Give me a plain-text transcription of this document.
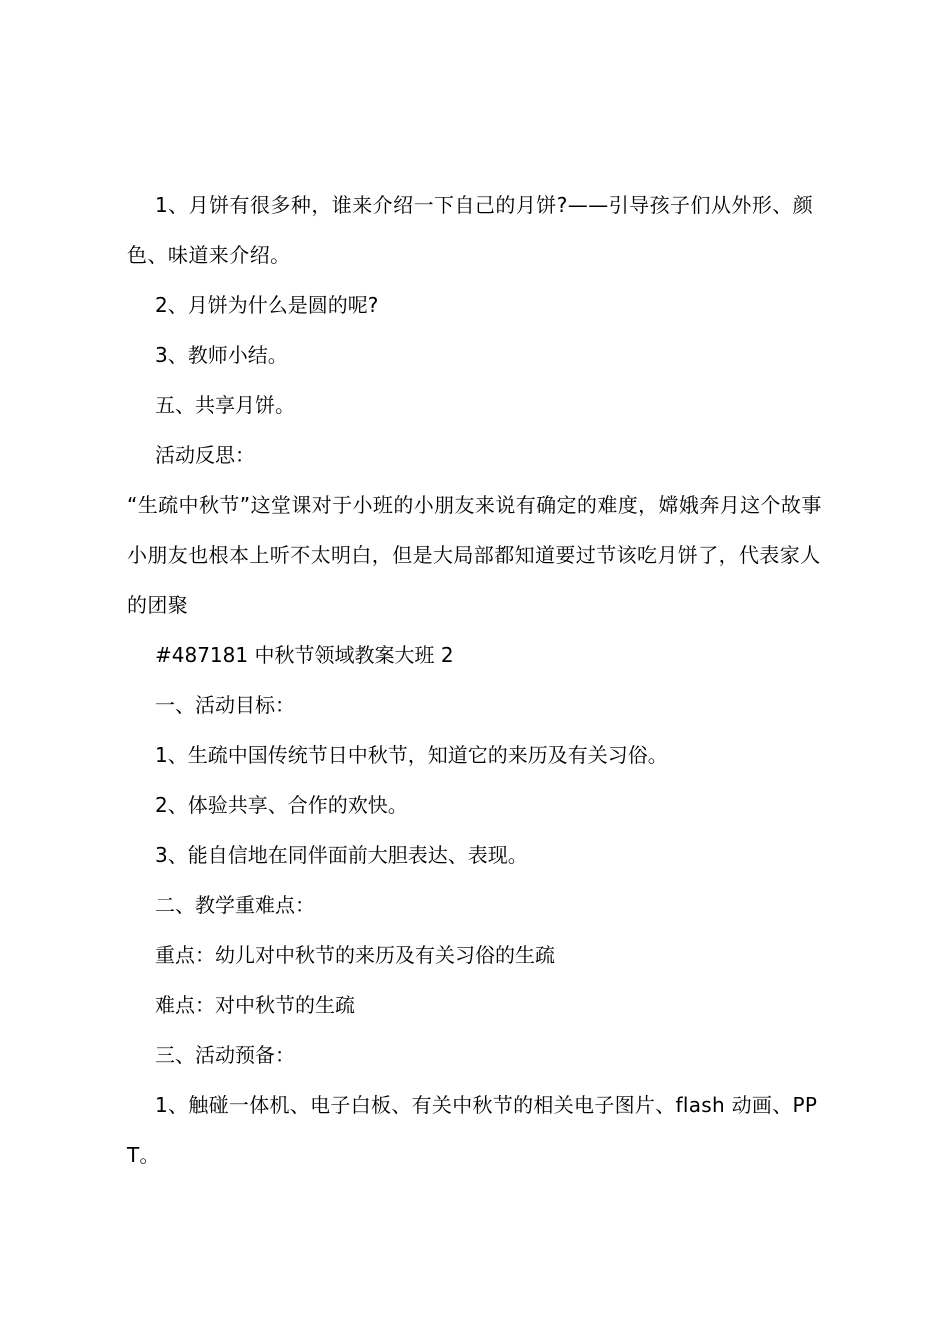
1、月饼有很多种，谁来介绍一下自己的月饼?——引导孩子们从外形、颜色、味道来介绍。

2、月饼为什么是圆的呢?

3、教师小结。

五、共享月饼。

活动反思：

“生疏中秋节”这堂课对于小班的小朋友来说有确定的难度，嫦娥奔月这个故事小朋友也根本上听不太明白，但是大局部都知道要过节该吃月饼了，代表家人的团聚

#487181 中秋节领域教案大班 2

一、活动目标：

1、生疏中国传统节日中秋节，知道它的来历及有关习俗。

2、体验共享、合作的欢快。

3、能自信地在同伴面前大胆表达、表现。

二、教学重难点：

重点：幼儿对中秋节的来历及有关习俗的生疏

难点：对中秋节的生疏

三、活动预备：

1、触碰一体机、电子白板、有关中秋节的相关电子图片、flash 动画、PPT。
